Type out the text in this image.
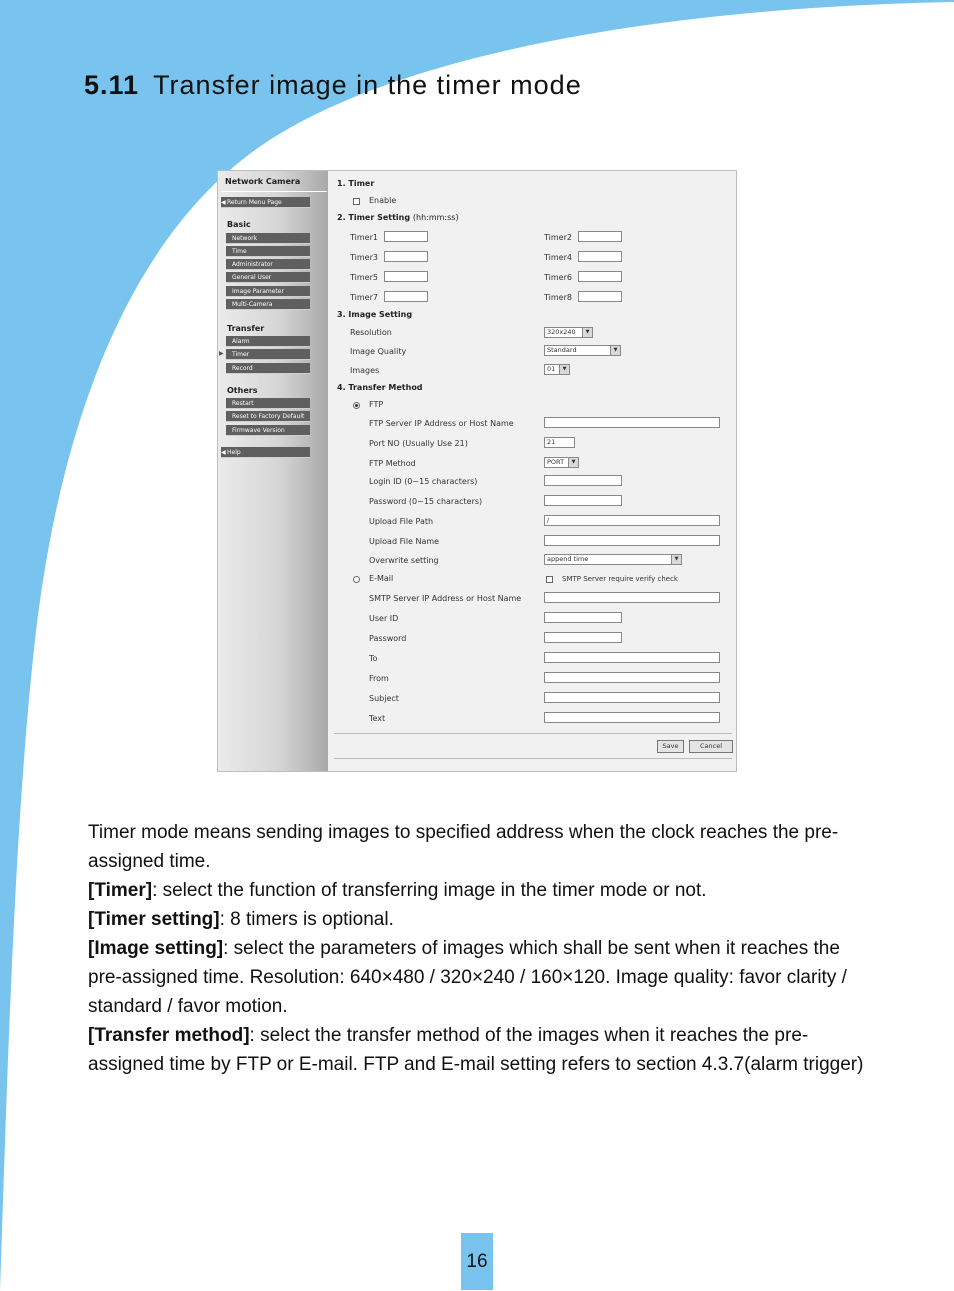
5.11 Transfer image in the timer mode
Network Camera
◀ Return Menu Page
Basic
Network
Time
Administrator
General User
Image Parameter
Multi-Camera
Transfer
Alarm
▶	Timer
Record
Others
Restart
Reset to Factory Default
Firmwave Version
◀ Help
1. Timer
Enable
2. Timer Setting (hh:mm:ss)
Timer1	Timer2
Timer3	Timer4
Timer5	Timer6
Timer7	Timer8
3. Image Setting
Resolution	320x240	▼
Image Quality	Standard	▼
Images	01	▼
4. Transfer Method
FTP
FTP Server IP Address or Host Name
Port NO (Usually Use 21)	21
FTP Method	PORT	▼
Login ID (0~15 characters)
Password (0~15 characters)
Upload File Path	/
Upload File Name
Overwrite setting	append time	▼
E-Mail	SMTP Server require verify check
SMTP Server IP Address or Host Name
User ID
Password
To
From
Subject
Text
Save	Cancel

Timer mode means sending images to specified address when the clock reaches the pre-assigned time.

[Timer]: select the function of transferring image in the timer mode or not.

[Timer setting]: 8 timers is optional.

[Image setting]: select the parameters of images which shall be sent when it reaches the pre-assigned time. Resolution: 640×480 / 320×240 / 160×120. Image quality: favor clarity / standard / favor motion.

[Transfer method]: select the transfer method of the images when it reaches the pre-assigned time by FTP or E-mail. FTP and E-mail setting refers to section 4.3.7(alarm trigger)

16
